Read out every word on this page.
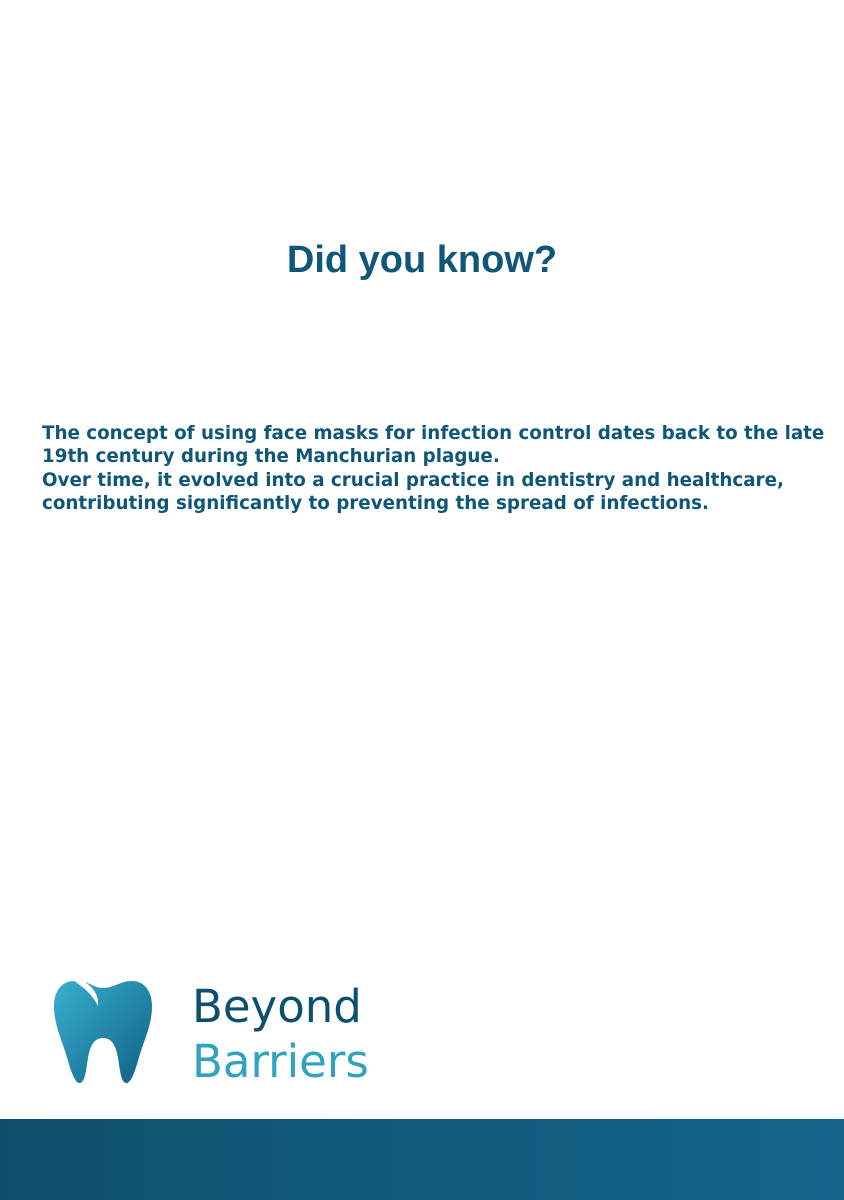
Did you know?

The concept of using face masks for infection control dates back to the late
19th century during the Manchurian plague.
Over time, it evolved into a crucial practice in dentistry and healthcare,
contributing significantly to preventing the spread of infections.

Beyond
Barriers
